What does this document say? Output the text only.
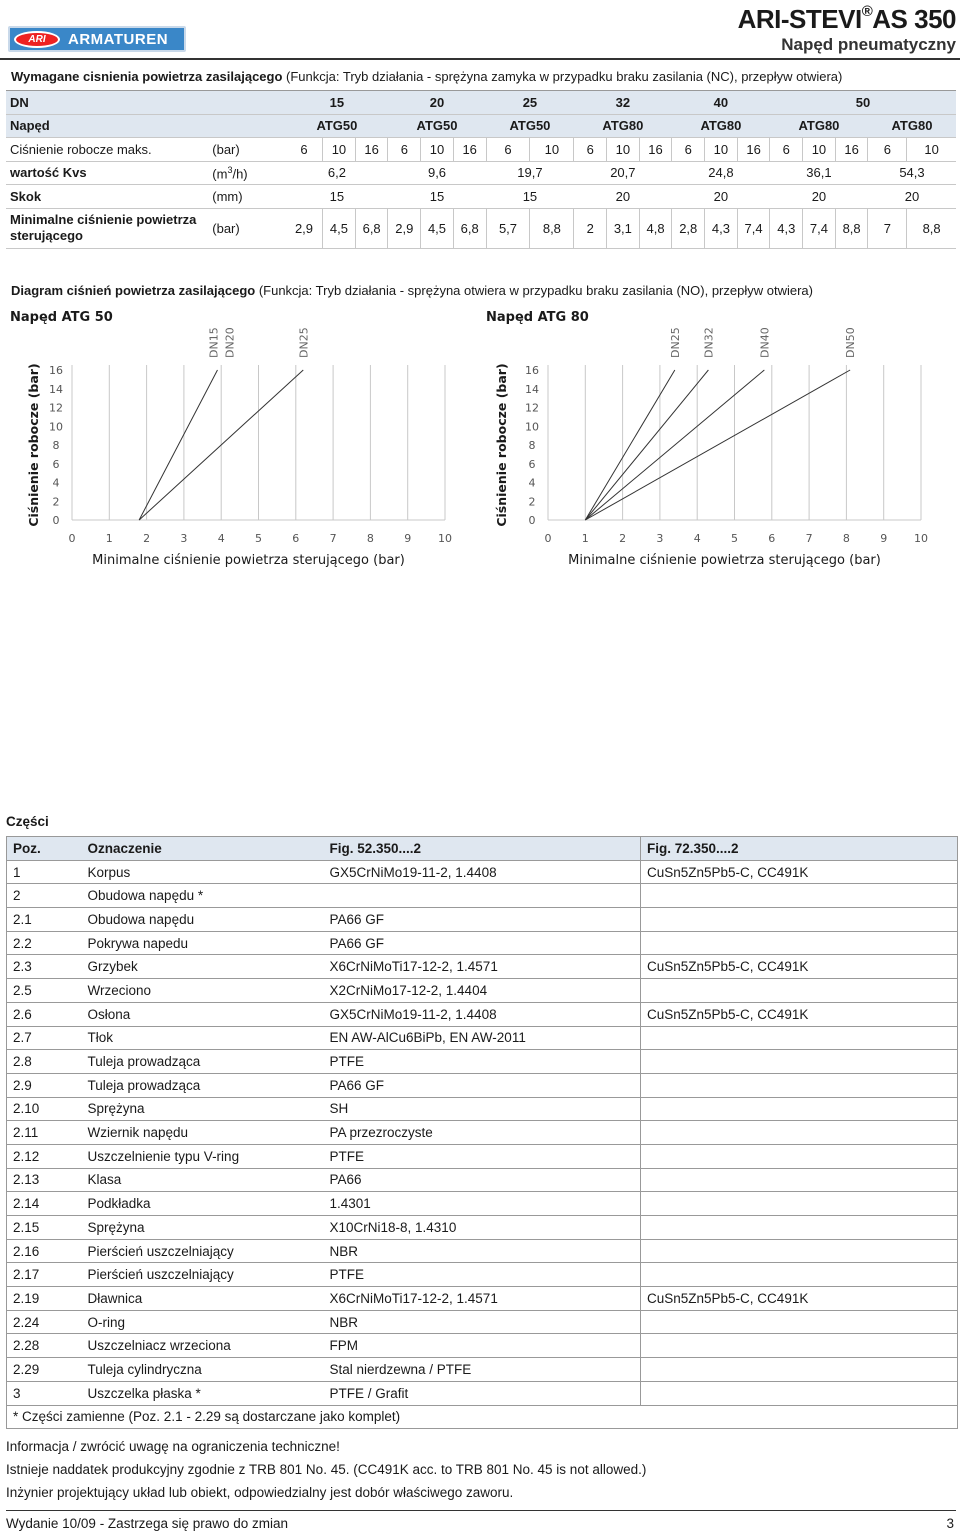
ARI	ARMATUREN
ARI-STEVI®AS 350
Napęd pneumatyczny
Wymagane cisnienia powietrza zasilającego (Funkcja: Tryb działania - sprężyna zamyka w przypadku braku zasilania (NC), przepływ otwiera)
DN		15			20			25		32			40			50				
Napęd		ATG50			ATG50			ATG50		ATG80			ATG80			ATG80			ATG80	
Ciśnienie robocze maks.	(bar)	6	10	16	6	10	16	6	10	6	10	16	6	10	16	6	10	16	6	10
wartość Kvs	$(m^3/h)$	6,2			9,6			19,7		20,7			24,8			36,1			54,3	
Skok	(mm)	15			15			15		20			20			20			20	
Minimalne ciśnienie powietrza
sterującego	(bar)	2,9	4,5	6,8	2,9	4,5	6,8	5,7	8,8	2	3,1	4,8	2,8	4,3	7,4	4,3	7,4	8,8	7	8,8
Diagram ciśnień powietrza zasilającego (Funkcja: Tryb działania - sprężyna otwiera w przypadku braku zasilania (NO), przepływ otwiera)
Napęd ATG 50
0	1	2	3	4	5	6	7	8	9 10
16
14
12
10
8
6
4
2
0
Ciśnienie robocze (bar)
Minimalne ciśnienie powietrza sterującego (bar)
DN15 DN20	DN25
Napęd ATG 80
0	1	2	3	4	5	6	7	8	9 10
16
14
12
10
8
6
4
2
0
Ciśnienie robocze (bar)
Minimalne ciśnienie powietrza sterującego (bar)
DN25 DN32	DN40	DN50
Części
Poz.	Oznaczenie	Fig. 52.350....2	Fig. 72.350....2
1	Korpus	GX5CrNiMo19-11-2, 1.4408	CuSn5Zn5Pb5-C, CC491K
2	Obudowa napędu *		
2.1	Obudowa napędu	PA66 GF	
2.2	Pokrywa napedu	PA66 GF	
2.3	Grzybek	X6CrNiMoTi17-12-2, 1.4571	CuSn5Zn5Pb5-C, CC491K
2.5	Wrzeciono	X2CrNiMo17-12-2, 1.4404	
2.6	Osłona	GX5CrNiMo19-11-2, 1.4408	CuSn5Zn5Pb5-C, CC491K
2.7	Tłok	EN AW-AlCu6BiPb, EN AW-2011	
2.8	Tuleja prowadząca	PTFE	
2.9	Tuleja prowadząca	PA66 GF	
2.10	Sprężyna	SH	
2.11	Wziernik napędu	PA przezroczyste	
2.12	Uszczelnienie typu V-ring	PTFE	
2.13	Klasa	PA66	
2.14	Podkładka	1.4301	
2.15	Sprężyna	X10CrNi18-8, 1.4310	
2.16	Pierścień uszczelniający	NBR	
2.17	Pierścień uszczelniający	PTFE	
2.19	Dławnica	X6CrNiMoTi17-12-2, 1.4571	CuSn5Zn5Pb5-C, CC491K
2.24	O-ring	NBR	
2.28	Uszczelniacz wrzeciona	FPM	
2.29	Tuleja cylindryczna	Stal nierdzewna / PTFE	
3	Uszczelka płaska *	PTFE / Grafit	
* Części zamienne (Poz. 2.1 - 2.29 są dostarczane jako komplet)			
Informacja / zwrócić uwagę na ograniczenia techniczne!
Istnieje naddatek produkcyjny zgodnie z TRB 801 No. 45. (CC491K acc. to TRB 801 No. 45 is not allowed.)
Inżynier projektujący układ lub obiekt, odpowiedzialny jest dobór właściwego zaworu.
Wydanie 10/09 - Zastrzega się prawo do zmian	3
